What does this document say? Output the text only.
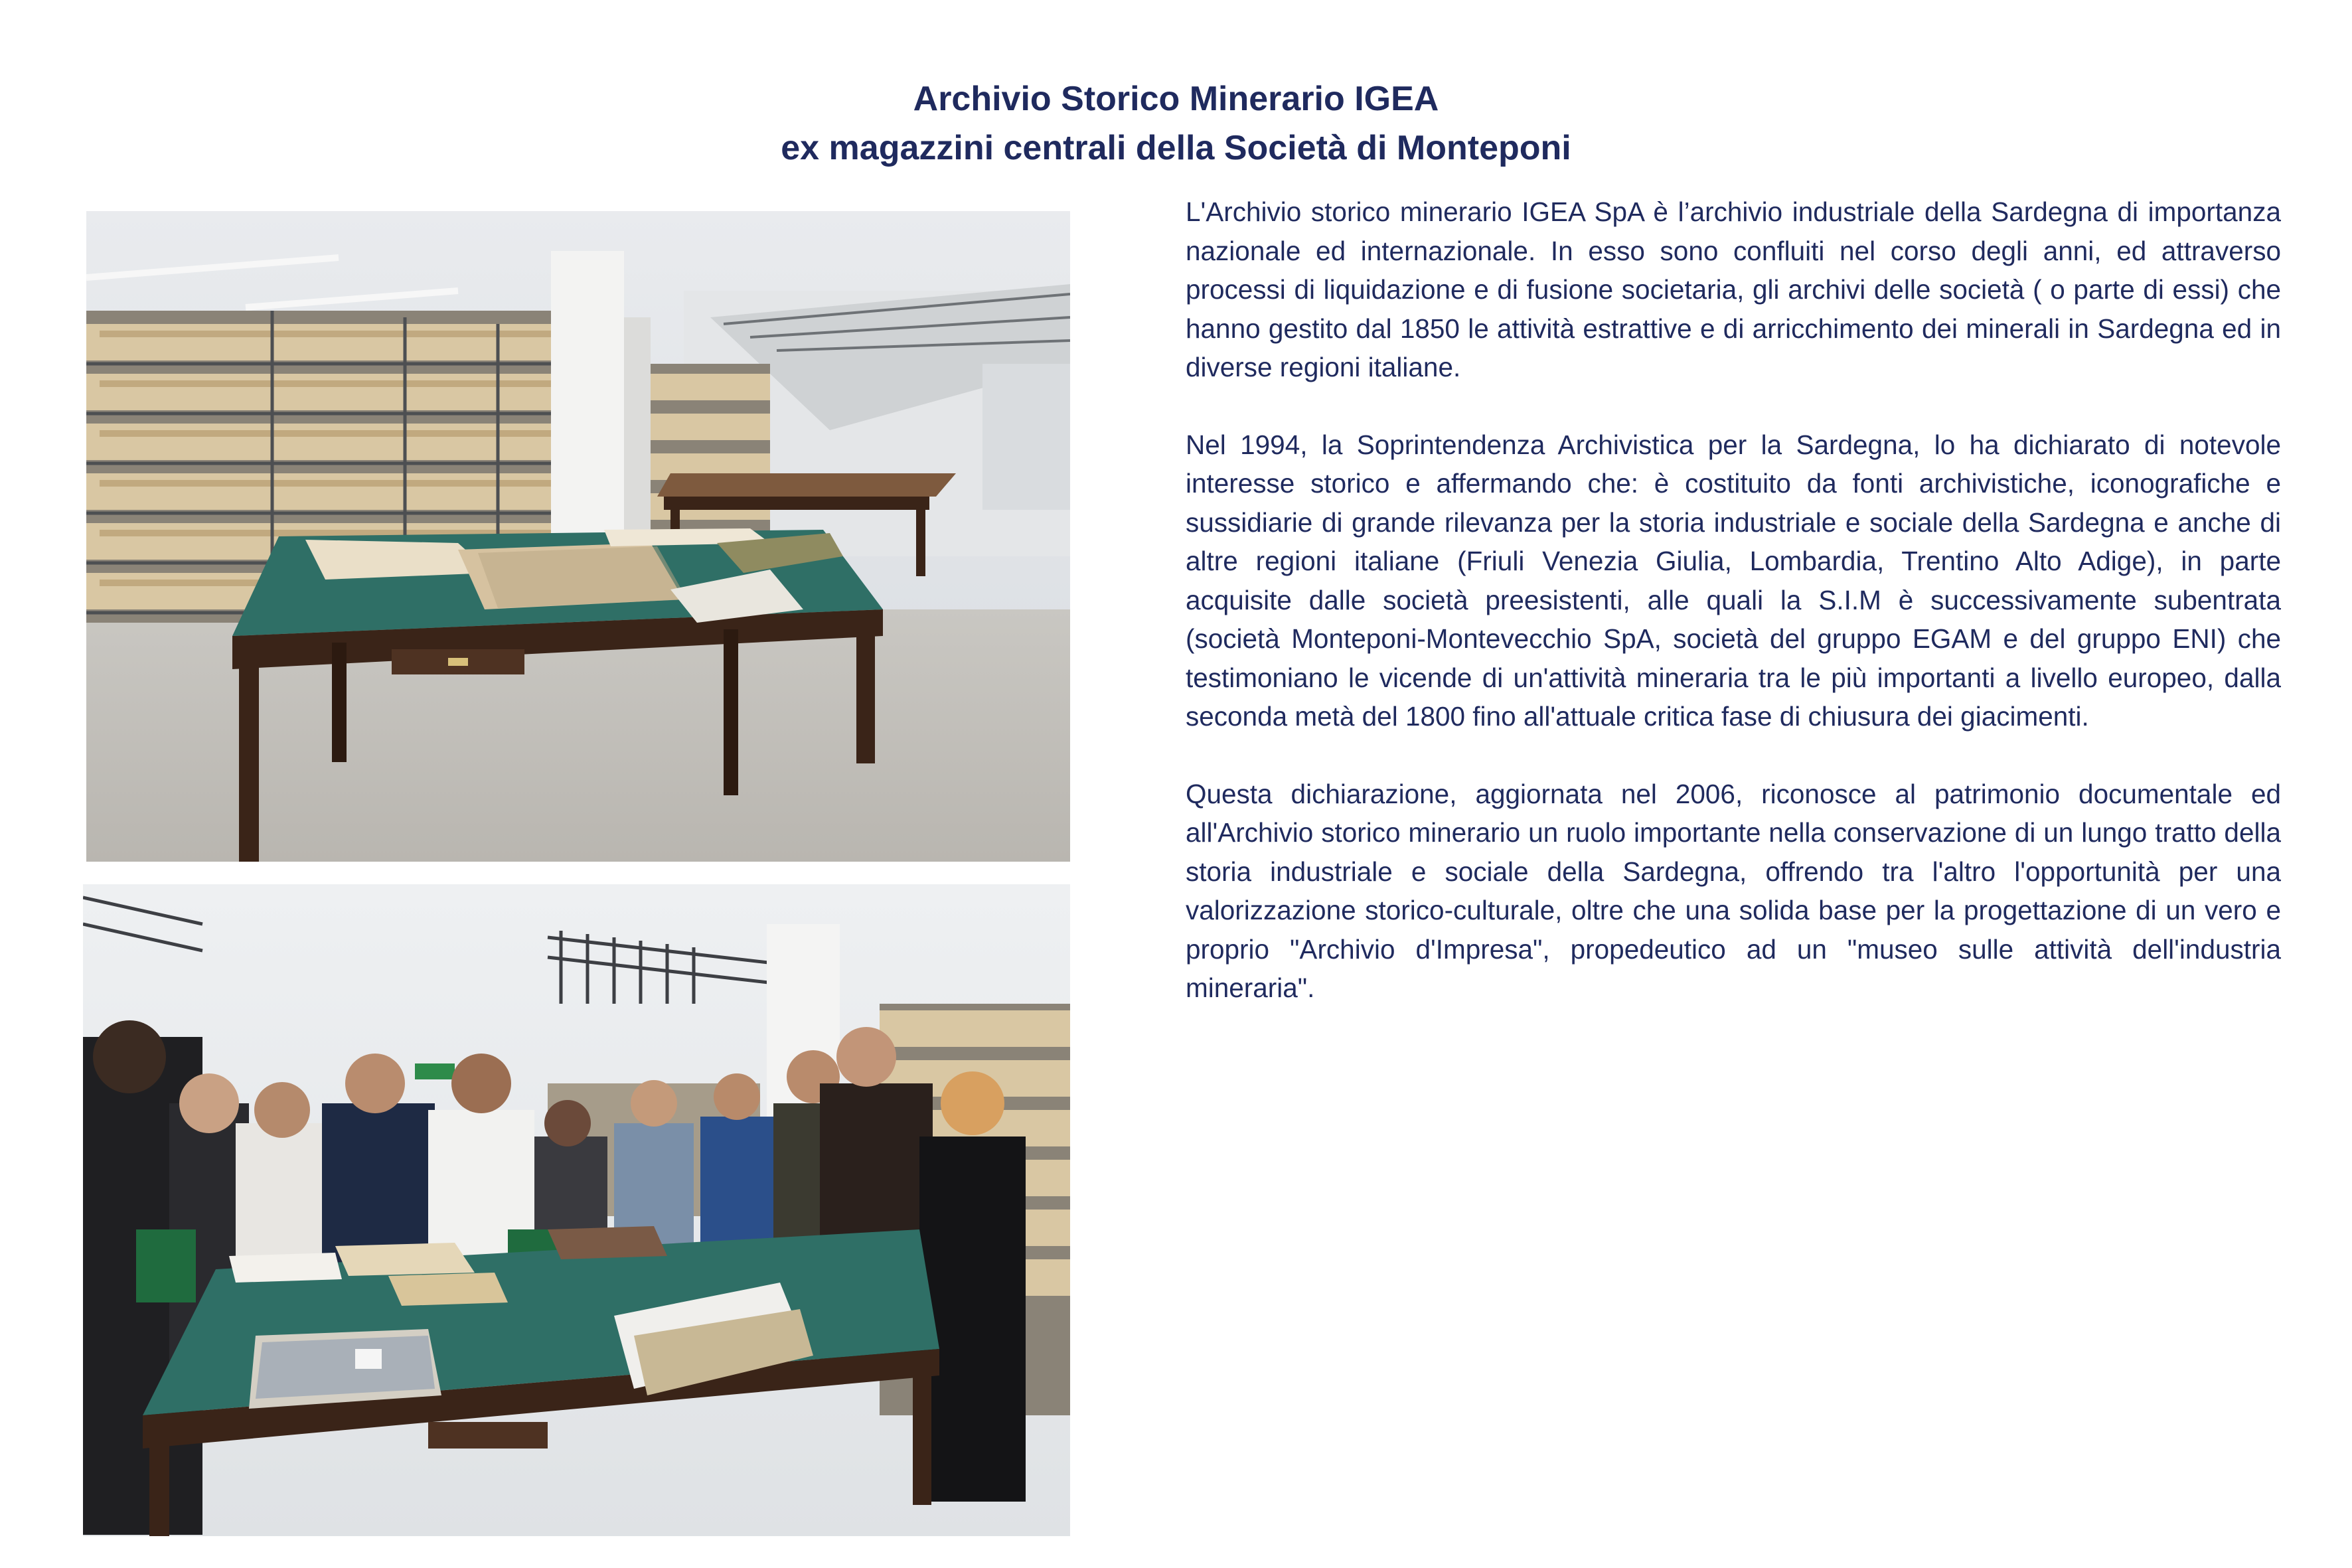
Archivio Storico Minerario IGEA
ex magazzini centrali della Società di Monteponi

L'Archivio storico minerario IGEA SpA è l’archivio industriale della Sardegna di importanza nazionale ed internazionale. In esso sono confluiti nel corso degli anni, ed attraverso processi di liquidazione e di fusione societaria, gli archivi delle società ( o parte di essi) che hanno gestito dal 1850 le attività estrattive e di arricchimento dei minerali in Sardegna ed in diverse regioni italiane.

Nel 1994, la Soprintendenza Archivistica per la Sardegna, lo ha dichiarato di notevole interesse storico e affermando che: è costituito da fonti archivistiche, iconografiche e sussidiarie di grande rilevanza per la storia industriale e sociale della Sardegna e anche di altre regioni italiane (Friuli Venezia Giulia, Lombardia, Trentino Alto Adige), in parte acquisite dalle società preesistenti, alle quali la S.I.M è successivamente subentrata (società Monteponi-Montevecchio SpA, società del gruppo EGAM e del gruppo ENI) che testimoniano le vicende di un'attività mineraria tra le più importanti a livello europeo, dalla seconda metà del 1800 fino all'attuale critica fase di chiusura dei giacimenti.

Questa dichiarazione, aggiornata nel 2006, riconosce al patrimonio documentale ed all'Archivio storico minerario un ruolo importante nella conservazione di un lungo tratto della storia industriale e sociale della Sardegna, offrendo tra l'altro l'opportunità per una valorizzazione storico-culturale, oltre che una solida base per la progettazione di un vero e proprio "Archivio d'Impresa", propedeutico ad un "museo sulle attività dell'industria mineraria".
